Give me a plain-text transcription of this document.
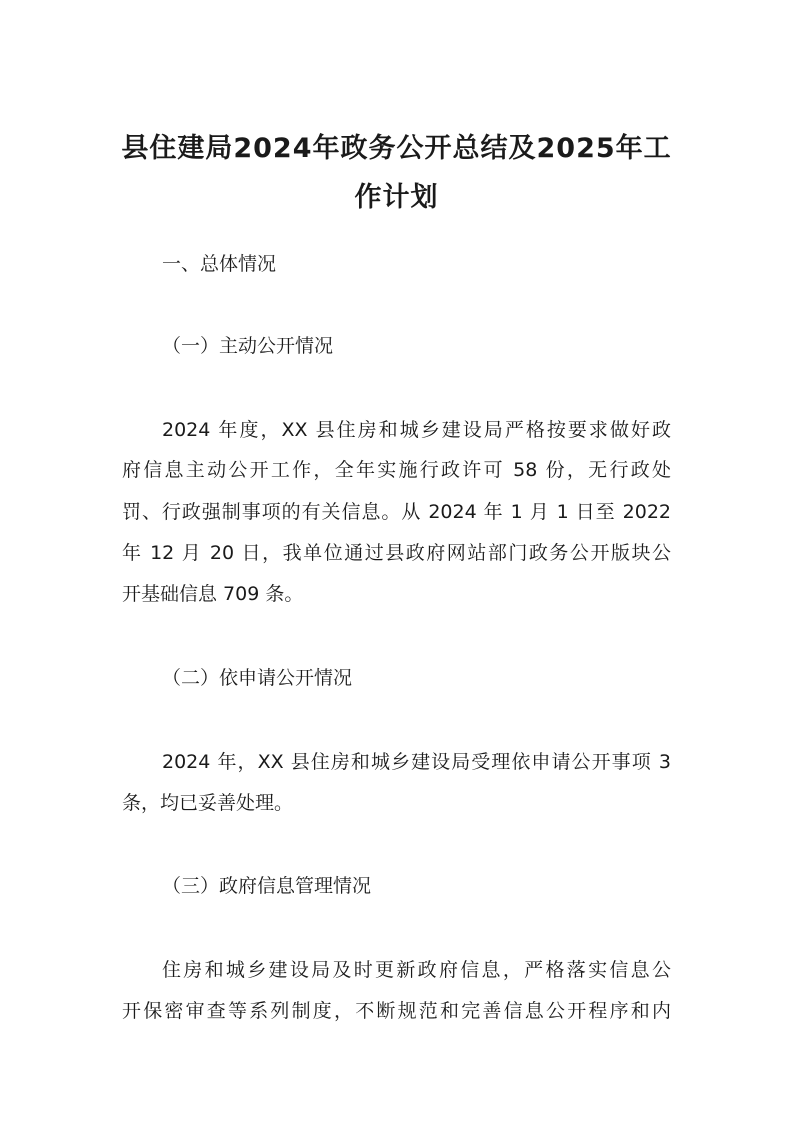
县住建局2024年政务公开总结及2025年工
作计划

一、总体情况

（一）主动公开情况

2024 年度，XX 县住房和城乡建设局严格按要求做好政

府信息主动公开工作，全年实施行政许可 58 份，无行政处

罚、行政强制事项的有关信息。从 2024 年 1 月 1 日至 2022

年 12 月 20 日，我单位通过县政府网站部门政务公开版块公

开基础信息 709 条。

（二）依申请公开情况

2024 年，XX 县住房和城乡建设局受理依申请公开事项 3

条，均已妥善处理。

（三）政府信息管理情况

住房和城乡建设局及时更新政府信息，严格落实信息公

开保密审查等系列制度，不断规范和完善信息公开程序和内
